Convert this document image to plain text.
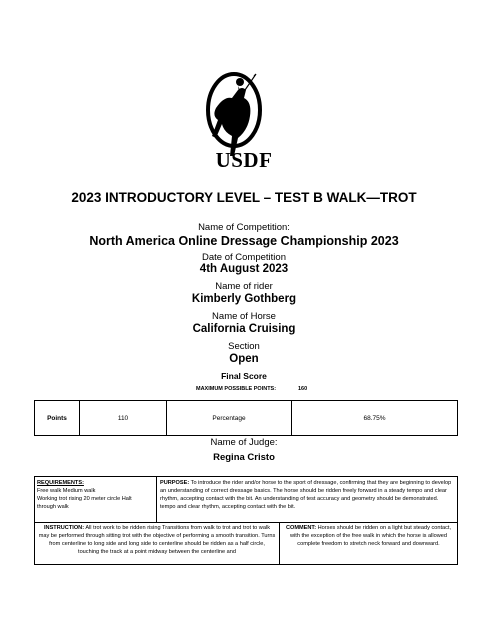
USDF
2023 INTRODUCTORY LEVEL – TEST B WALK—TROT
Name of Competition:
North America Online Dressage Championship 2023
Date of Competition
4th August 2023
Name of rider
Kimberly Gothberg
Name of Horse
California Cruising
Section
Open
Final Score
MAXIMUM POSSIBLE POINTS:	160
Points	110	Percentage	68.75%
Name of Judge:
Regina Cristo
REQUIREMENTS:
Free walk Medium walk
Working trot rising 20 meter circle Halt
through walk
PURPOSE: To introduce the rider and/or horse to the sport of dressage, confirming that they are beginning to develop an understanding of correct dressage basics. The horse should be ridden freely forward in a steady tempo and clear rhythm, accepting contact with the bit. An understanding of test accuracy and geometry should be demonstrated. tempo and clear rhythm, accepting contact with the bit.
INSTRUCTION: All trot work to be ridden rising Transitions from walk to trot and trot to walk may be performed through sitting trot with the objective of performing a smooth transition. Turns from centerline to long side and long side to centerline should be ridden as a half circle, touching the track at a point midway between the centerline and
COMMENT: Horses should be ridden on a light but steady contact, with the exception of the free walk in which the horse is allowed complete freedom to stretch neck forward and downward.
